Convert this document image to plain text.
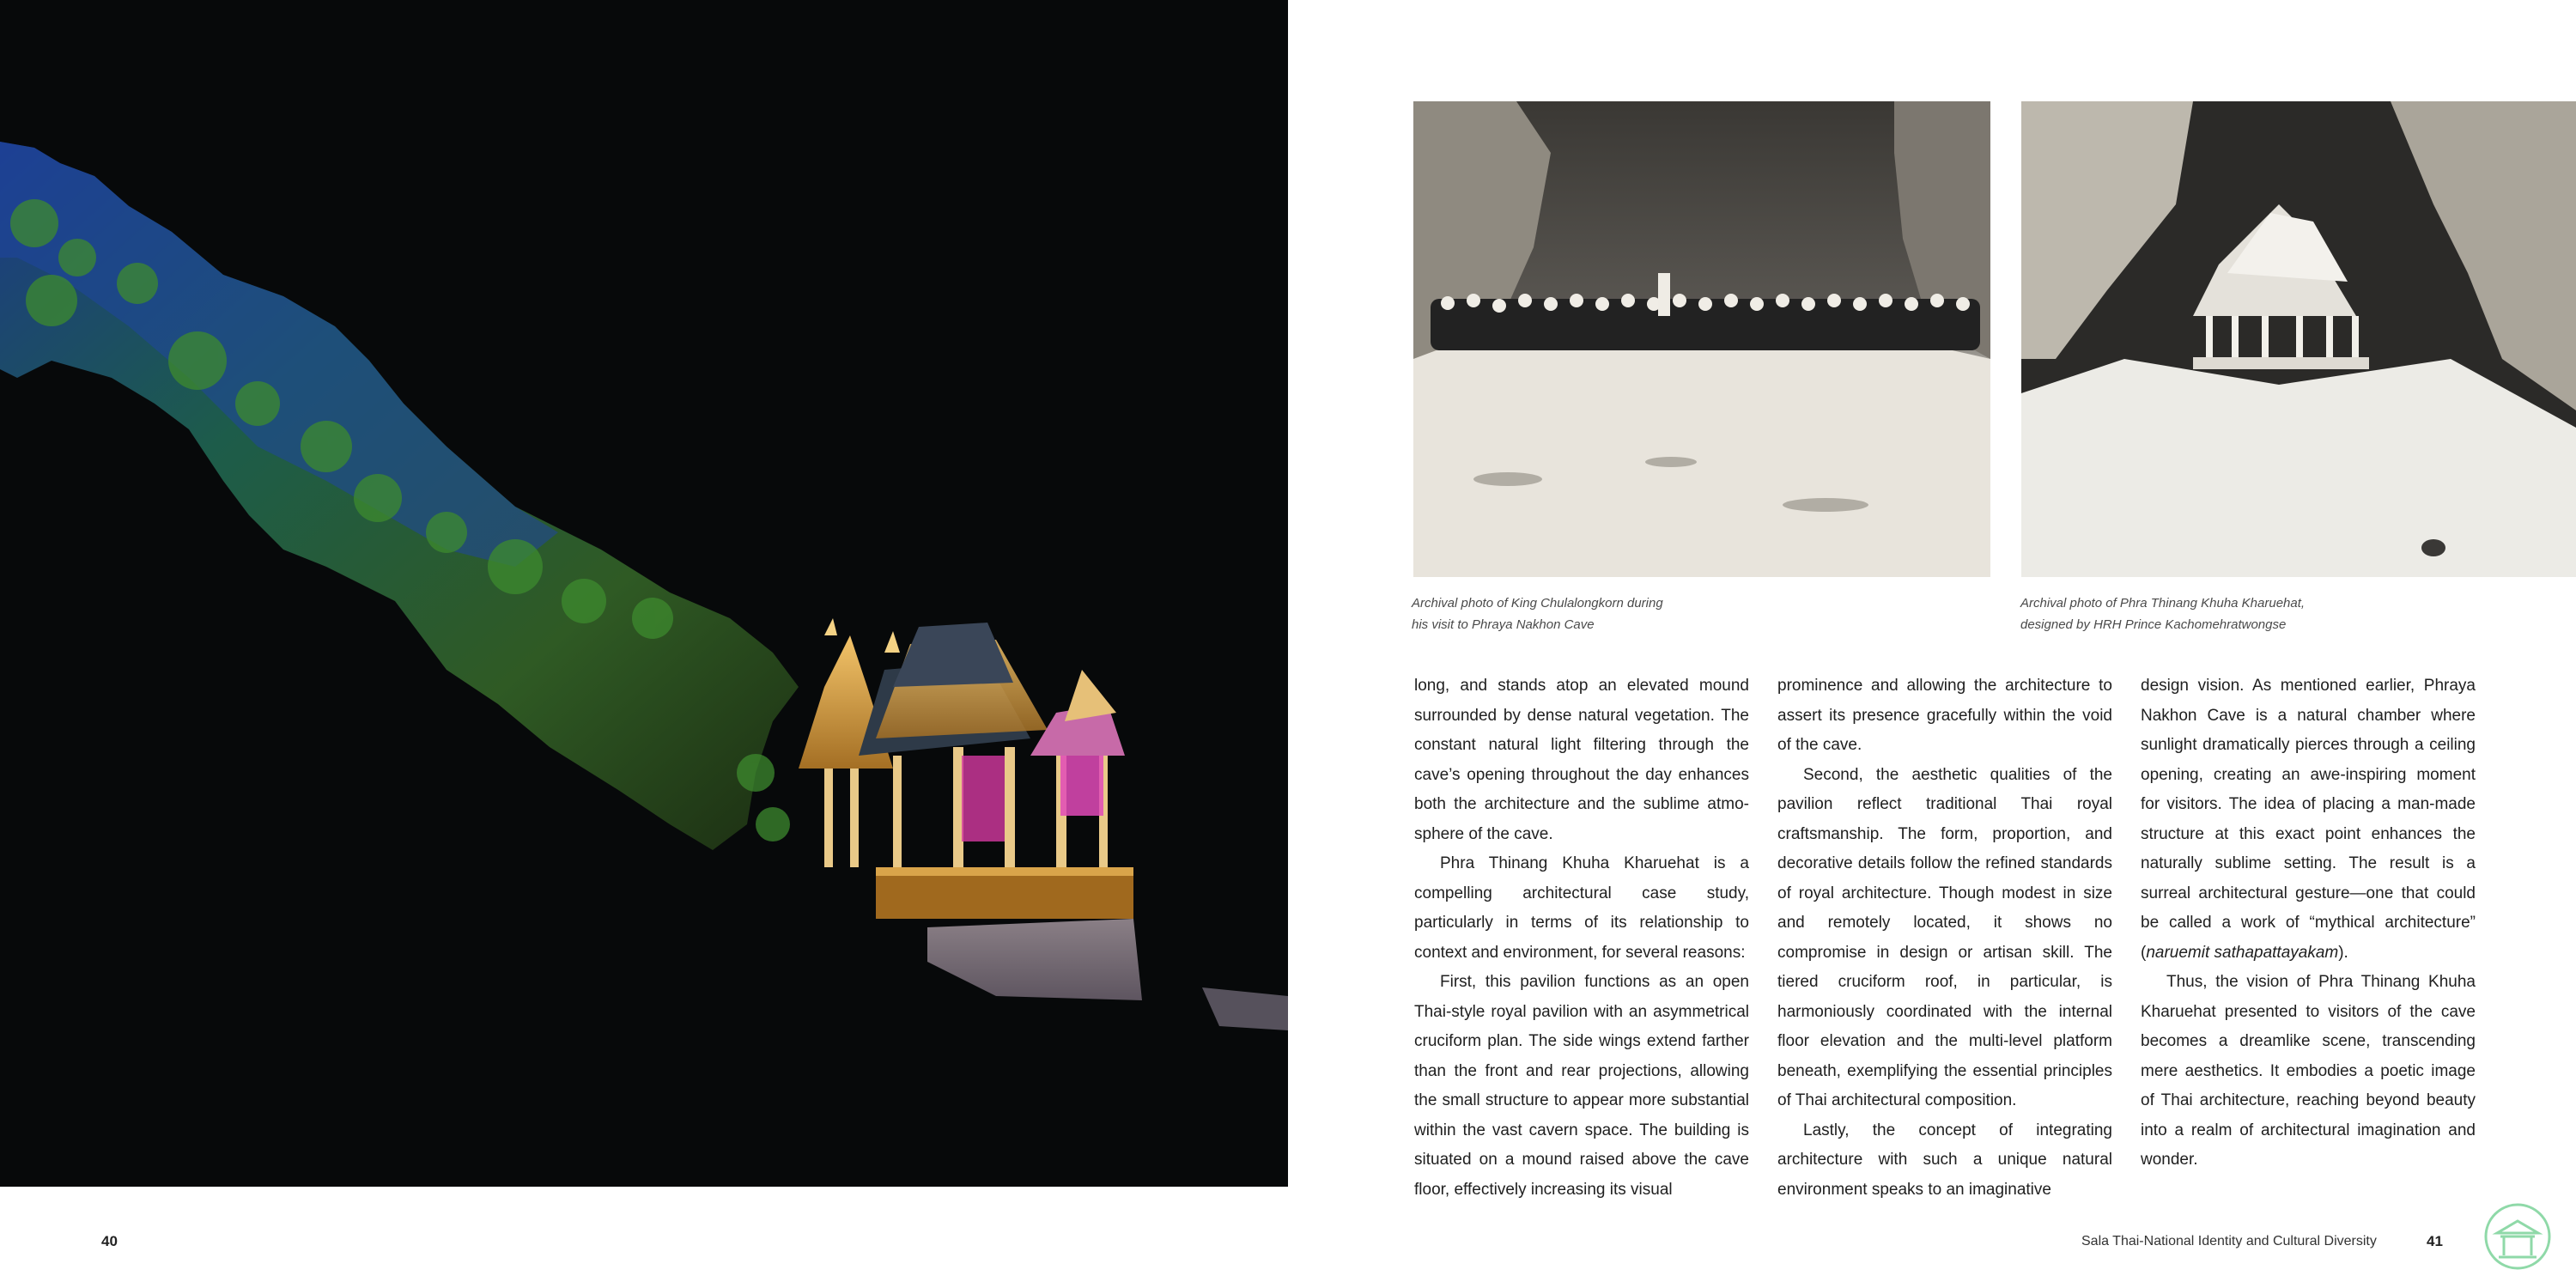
Archival photo of King Chulalongkorn during
his visit to Phraya Nakhon Cave
Archival photo of Phra Thinang Khuha Kharuehat,
designed by HRH Prince Kachomehratwongse

long, and stands atop an elevated mound surrounded by dense natural vegetation. The constant natural light filtering through the cave’s opening throughout the day enhances both the architecture and the sublime atmo-sphere of the cave.

Phra Thinang Khuha Kharuehat is a compelling architectural case study, particularly in terms of its relationship to context and environment, for several reasons:

First, this pavilion functions as an open Thai-style royal pavilion with an asymmetrical cruciform plan. The side wings extend farther than the front and rear projections, allowing the small structure to appear more substantial within the vast cavern space. The building is situated on a mound raised above the cave floor, effectively increasing its visual

prominence and allowing the architecture to assert its presence gracefully within the void of the cave.

Second, the aesthetic qualities of the pavilion reflect traditional Thai royal craftsmanship. The form, proportion, and decorative details follow the refined standards of royal architecture. Though modest in size and remotely located, it shows no compromise in design or artisan skill. The tiered cruciform roof, in particular, is harmoniously coordinated with the internal floor elevation and the multi-level platform beneath, exemplifying the essential principles of Thai architectural composition.

Lastly, the concept of integrating architecture with such a unique natural environment speaks to an imaginative

design vision. As mentioned earlier, Phraya Nakhon Cave is a natural chamber where sunlight dramatically pierces through a ceiling opening, creating an awe-inspiring moment for visitors. The idea of placing a man-made structure at this exact point enhances the naturally sublime setting. The result is a surreal architectural gesture—one that could be called a work of “mythical architecture” (naruemit sathapattayakam).

Thus, the vision of Phra Thinang Khuha Kharuehat presented to visitors of the cave becomes a dreamlike scene, transcending mere aesthetics. It embodies a poetic image of Thai architecture, reaching beyond beauty into a realm of architectural imagination and wonder.

40	Sala Thai-National Identity and Cultural Diversity	41
